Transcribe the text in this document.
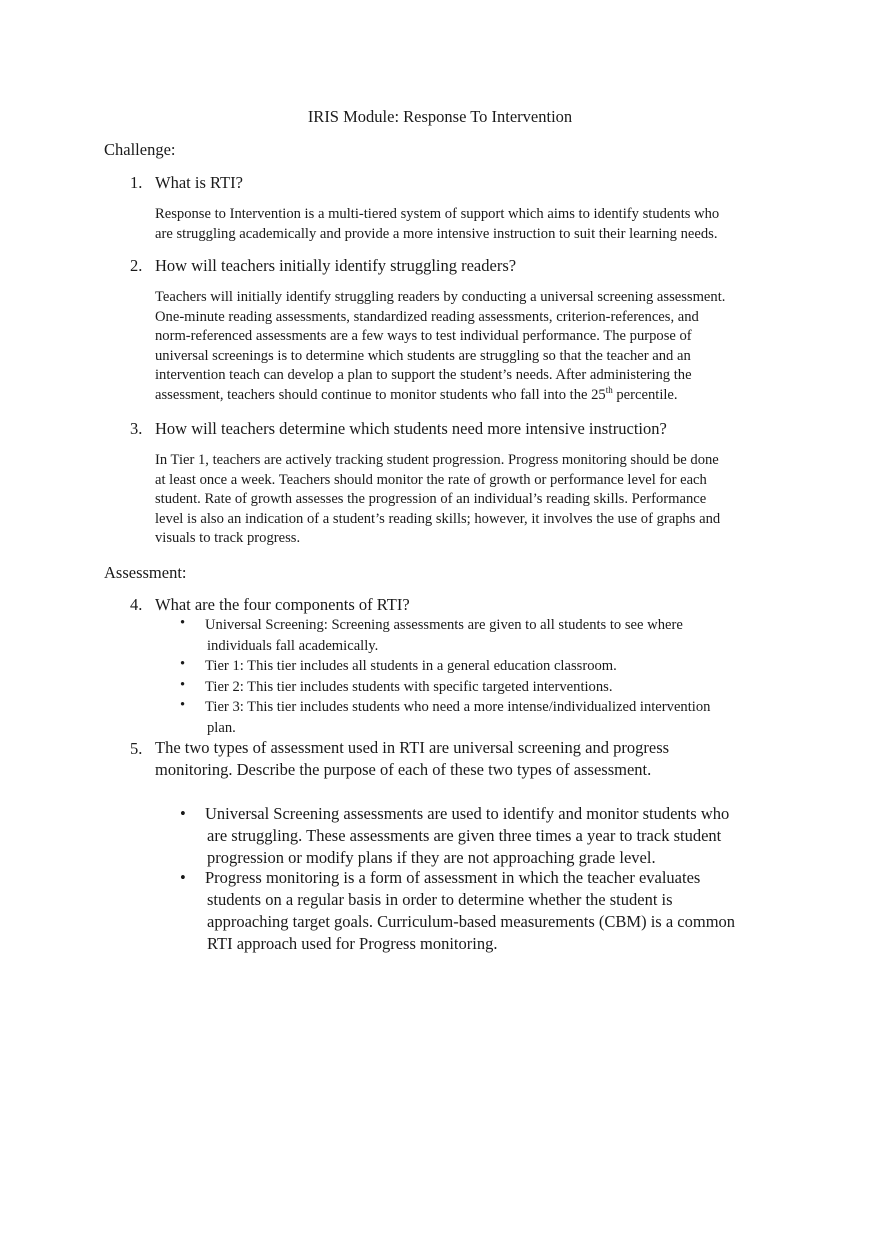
IRIS Module: Response To Intervention
Challenge:
1. What is RTI?
Response to Intervention is a multi-tiered system of support which aims to identify students who
are struggling academically and provide a more intensive instruction to suit their learning needs.
2. How will teachers initially identify struggling readers?
Teachers will initially identify struggling readers by conducting a universal screening assessment.
One-minute reading assessments, standardized reading assessments, criterion-references, and
norm-referenced assessments are a few ways to test individual performance. The purpose of
universal screenings is to determine which students are struggling so that the teacher and an
intervention teach can develop a plan to support the student’s needs. After administering the
assessment, teachers should continue to monitor students who fall into the 25th percentile.
3. How will teachers determine which students need more intensive instruction?
In Tier 1, teachers are actively tracking student progression. Progress monitoring should be done
at least once a week. Teachers should monitor the rate of growth or performance level for each
student. Rate of growth assesses the progression of an individual’s reading skills. Performance
level is also an indication of a student’s reading skills; however, it involves the use of graphs and
visuals to track progress.
Assessment:
4. What are the four components of RTI?
• Universal Screening: Screening assessments are given to all students to see where
individuals fall academically.
• Tier 1: This tier includes all students in a general education classroom.
• Tier 2: This tier includes students with specific targeted interventions.
• Tier 3: This tier includes students who need a more intense/individualized intervention
plan.
5. The two types of assessment used in RTI are universal screening and progress
monitoring. Describe the purpose of each of these two types of assessment.
• Universal Screening assessments are used to identify and monitor students who
are struggling. These assessments are given three times a year to track student
progression or modify plans if they are not approaching grade level.
• Progress monitoring is a form of assessment in which the teacher evaluates
students on a regular basis in order to determine whether the student is
approaching target goals. Curriculum-based measurements (CBM) is a common
RTI approach used for Progress monitoring.
